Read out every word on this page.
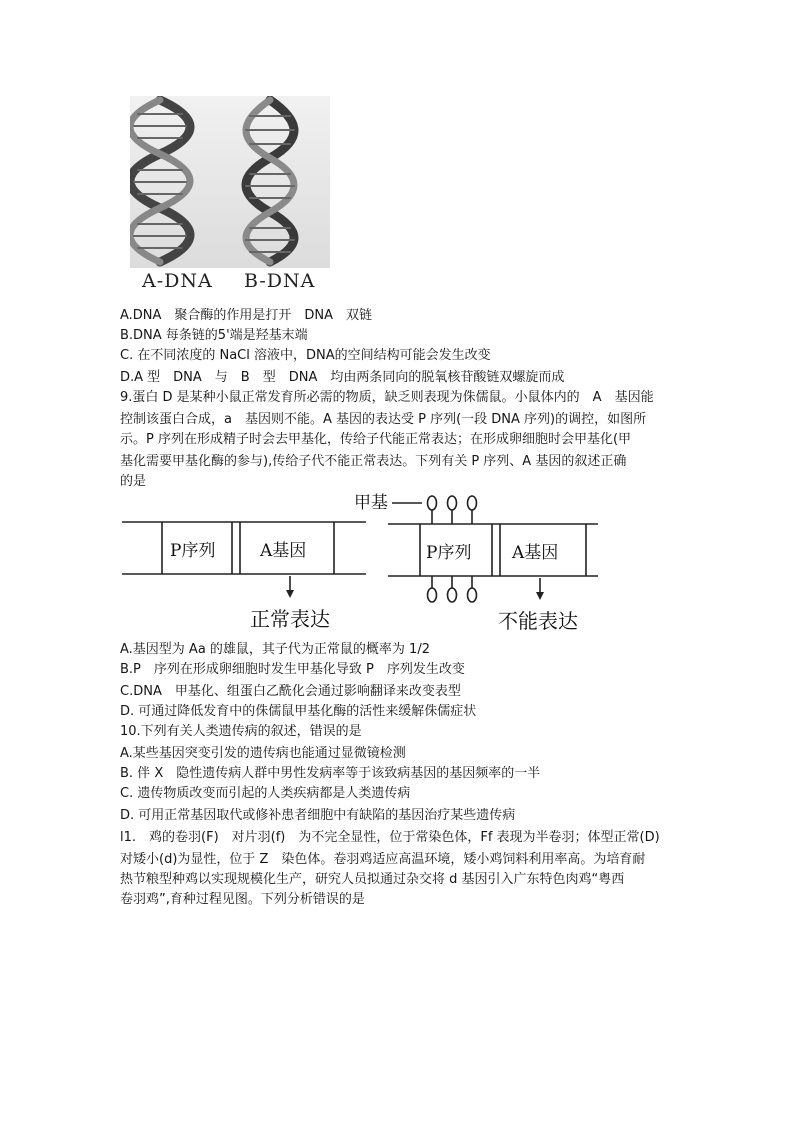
A-DNA B-DNA
A.DNA　聚合酶的作用是打开　DNA　双链
B.DNA 每条链的5'端是羟基末端
C. 在不同浓度的 NaCl 溶液中，DNA的空间结构可能会发生改变
D.A 型　DNA　与　B　型　DNA　均由两条同向的脱氧核苷酸链双螺旋而成
9.蛋白 D 是某种小鼠正常发育所必需的物质，缺乏则表现为侏儒鼠。小鼠体内的　A　基因能
控制该蛋白合成，a　基因则不能。A 基因的表达受 P 序列(一段 DNA 序列)的调控，如图所
示。P 序列在形成精子时会去甲基化，传给子代能正常表达；在形成卵细胞时会甲基化(甲
基化需要甲基化酶的参与),传给子代不能正常表达。下列有关 P 序列、A 基因的叙述正确
的是
P序列	A基因
正常表达
甲基
P序列 A基因
不能表达
A.基因型为 Aa 的雄鼠，其子代为正常鼠的概率为 1/2
B.P　序列在形成卵细胞时发生甲基化导致 P　序列发生改变
C.DNA　甲基化、组蛋白乙酰化会通过影响翻译来改变表型
D. 可通过降低发育中的侏儒鼠甲基化酶的活性来缓解侏儒症状
10.下列有关人类遗传病的叙述，错误的是
A.某些基因突变引发的遗传病也能通过显微镜检测
B. 伴 X　隐性遗传病人群中男性发病率等于该致病基因的基因频率的一半
C. 遗传物质改变而引起的人类疾病都是人类遗传病
D. 可用正常基因取代或修补患者细胞中有缺陷的基因治疗某些遗传病
l1.　鸡的卷羽(F)　对片羽(f)　为不完全显性，位于常染色体，Ff 表现为半卷羽；体型正常(D)
对矮小(d)为显性，位于 Z　染色体。卷羽鸡适应高温环境，矮小鸡饲料利用率高。为培育耐
热节粮型种鸡以实现规模化生产，研究人员拟通过杂交将 d 基因引入广东特色肉鸡“粤西
卷羽鸡”,育种过程见图。下列分析错误的是
